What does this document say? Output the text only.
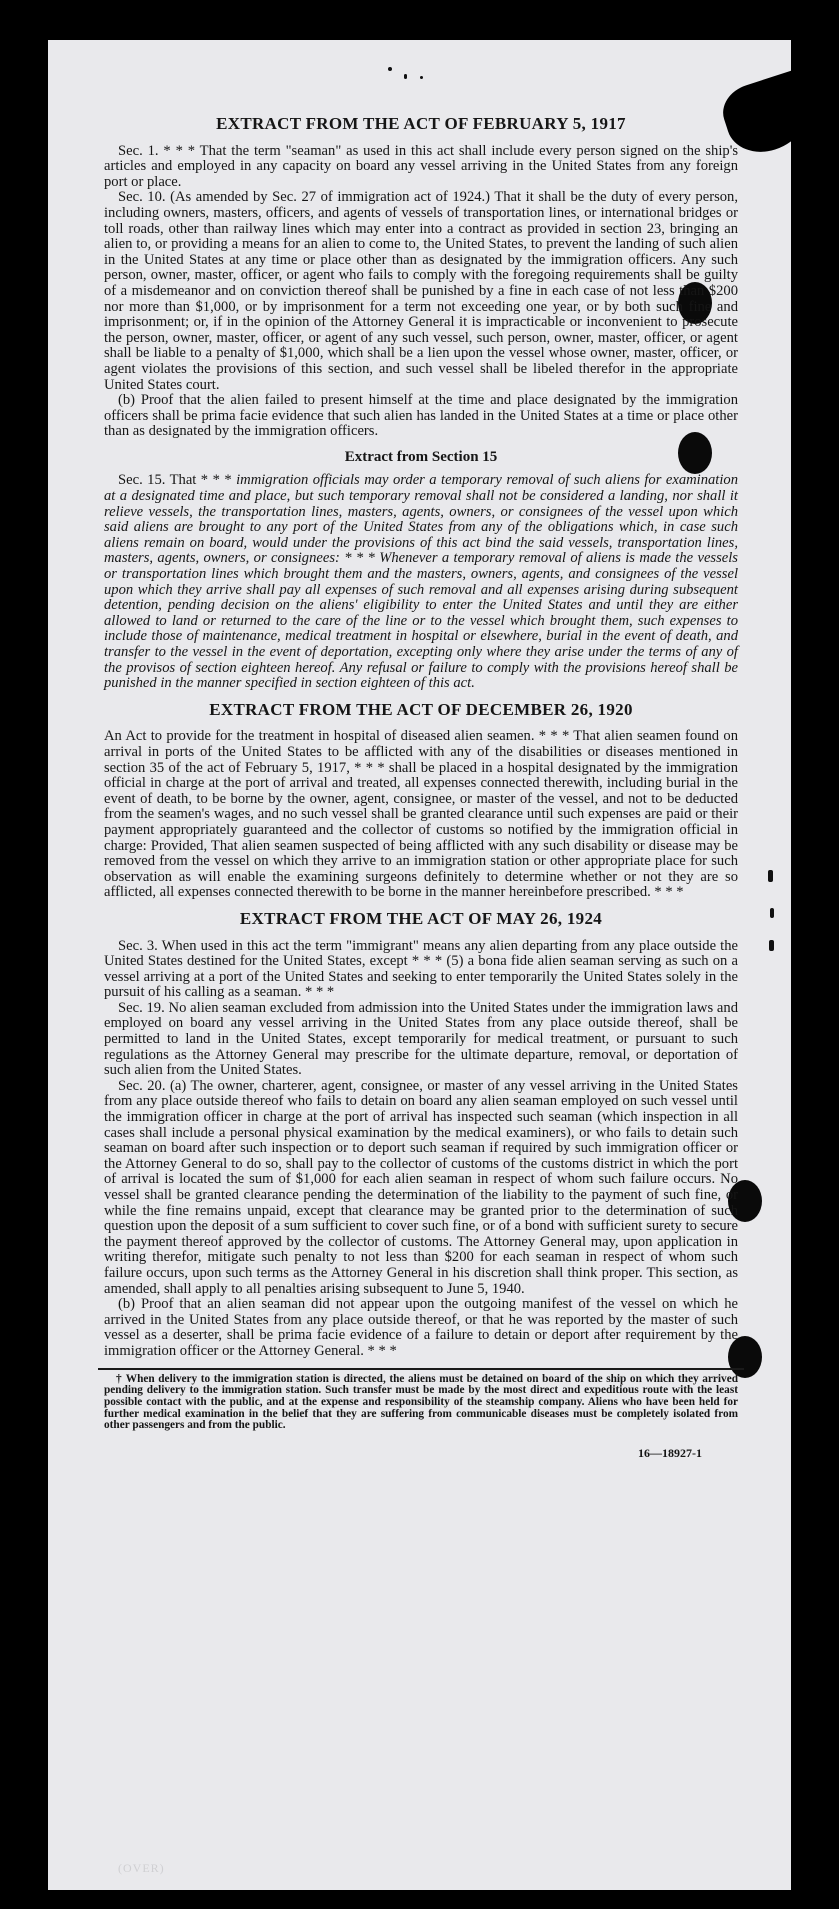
EXTRACT FROM THE ACT OF FEBRUARY 5, 1917

Sec. 1. * * * That the term "seaman" as used in this act shall include every person signed on the ship's articles and employed in any capacity on board any vessel arriving in the United States from any foreign port or place.

Sec. 10. (As amended by Sec. 27 of immigration act of 1924.) That it shall be the duty of every person, including owners, masters, officers, and agents of vessels of transportation lines, or international bridges or toll roads, other than railway lines which may enter into a contract as provided in section 23, bringing an alien to, or providing a means for an alien to come to, the United States, to prevent the landing of such alien in the United States at any time or place other than as designated by the immigration officers. Any such person, owner, master, officer, or agent who fails to comply with the foregoing requirements shall be guilty of a misdemeanor and on conviction thereof shall be punished by a fine in each case of not less than $200 nor more than $1,000, or by imprisonment for a term not exceeding one year, or by both such fine and imprisonment; or, if in the opinion of the Attorney General it is impracticable or inconvenient to prosecute the person, owner, master, officer, or agent of any such vessel, such person, owner, master, officer, or agent shall be liable to a penalty of $1,000, which shall be a lien upon the vessel whose owner, master, officer, or agent violates the provisions of this section, and such vessel shall be libeled therefor in the appropriate United States court.

(b) Proof that the alien failed to present himself at the time and place designated by the immigration officers shall be prima facie evidence that such alien has landed in the United States at a time or place other than as designated by the immigration officers.

Extract from Section 15

Sec. 15. That * * * immigration officials may order a temporary removal of such aliens for examination at a designated time and place, but such temporary removal shall not be considered a landing, nor shall it relieve vessels, the transportation lines, masters, agents, owners, or consignees of the vessel upon which said aliens are brought to any port of the United States from any of the obligations which, in case such aliens remain on board, would under the provisions of this act bind the said vessels, transportation lines, masters, agents, owners, or consignees: * * * Whenever a temporary removal of aliens is made the vessels or transportation lines which brought them and the masters, owners, agents, and consignees of the vessel upon which they arrive shall pay all expenses of such removal and all expenses arising during subsequent detention, pending decision on the aliens' eligibility to enter the United States and until they are either allowed to land or returned to the care of the line or to the vessel which brought them, such expenses to include those of maintenance, medical treatment in hospital or elsewhere, burial in the event of death, and transfer to the vessel in the event of deportation, excepting only where they arise under the terms of any of the provisos of section eighteen hereof. Any refusal or failure to comply with the provisions hereof shall be punished in the manner specified in section eighteen of this act.

EXTRACT FROM THE ACT OF DECEMBER 26, 1920

An Act to provide for the treatment in hospital of diseased alien seamen. * * * That alien seamen found on arrival in ports of the United States to be afflicted with any of the disabilities or diseases mentioned in section 35 of the act of February 5, 1917, * * * shall be placed in a hospital designated by the immigration official in charge at the port of arrival and treated, all expenses connected therewith, including burial in the event of death, to be borne by the owner, agent, consignee, or master of the vessel, and not to be deducted from the seamen's wages, and no such vessel shall be granted clearance until such expenses are paid or their payment appropriately guaranteed and the collector of customs so notified by the immigration official in charge: Provided, That alien seamen suspected of being afflicted with any such disability or disease may be removed from the vessel on which they arrive to an immigration station or other appropriate place for such observation as will enable the examining surgeons definitely to determine whether or not they are so afflicted, all expenses connected therewith to be borne in the manner hereinbefore prescribed. * * *

EXTRACT FROM THE ACT OF MAY 26, 1924

Sec. 3. When used in this act the term "immigrant" means any alien departing from any place outside the United States destined for the United States, except * * * (5) a bona fide alien seaman serving as such on a vessel arriving at a port of the United States and seeking to enter temporarily the United States solely in the pursuit of his calling as a seaman. * * *

Sec. 19. No alien seaman excluded from admission into the United States under the immigration laws and employed on board any vessel arriving in the United States from any place outside thereof, shall be permitted to land in the United States, except temporarily for medical treatment, or pursuant to such regulations as the Attorney General may prescribe for the ultimate departure, removal, or deportation of such alien from the United States.

Sec. 20. (a) The owner, charterer, agent, consignee, or master of any vessel arriving in the United States from any place outside thereof who fails to detain on board any alien seaman employed on such vessel until the immigration officer in charge at the port of arrival has inspected such seaman (which inspection in all cases shall include a personal physical examination by the medical examiners), or who fails to detain such seaman on board after such inspection or to deport such seaman if required by such immigration officer or the Attorney General to do so, shall pay to the collector of customs of the customs district in which the port of arrival is located the sum of $1,000 for each alien seaman in respect of whom such failure occurs. No vessel shall be granted clearance pending the determination of the liability to the payment of such fine, or while the fine remains unpaid, except that clearance may be granted prior to the determination of such question upon the deposit of a sum sufficient to cover such fine, or of a bond with sufficient surety to secure the payment thereof approved by the collector of customs. The Attorney General may, upon application in writing therefor, mitigate such penalty to not less than $200 for each seaman in respect of whom such failure occurs, upon such terms as the Attorney General in his discretion shall think proper. This section, as amended, shall apply to all penalties arising subsequent to June 5, 1940.

(b) Proof that an alien seaman did not appear upon the outgoing manifest of the vessel on which he arrived in the United States from any place outside thereof, or that he was reported by the master of such vessel as a deserter, shall be prima facie evidence of a failure to detain or deport after requirement by the immigration officer or the Attorney General. * * *

† When delivery to the immigration station is directed, the aliens must be detained on board of the ship on which they arrived pending delivery to the immigration station. Such transfer must be made by the most direct and expeditious route with the least possible contact with the public, and at the expense and responsibility of the steamship company. Aliens who have been held for further medical examination in the belief that they are suffering from communicable diseases must be completely isolated from other passengers and from the public.

16—18927-1
(OVER)
